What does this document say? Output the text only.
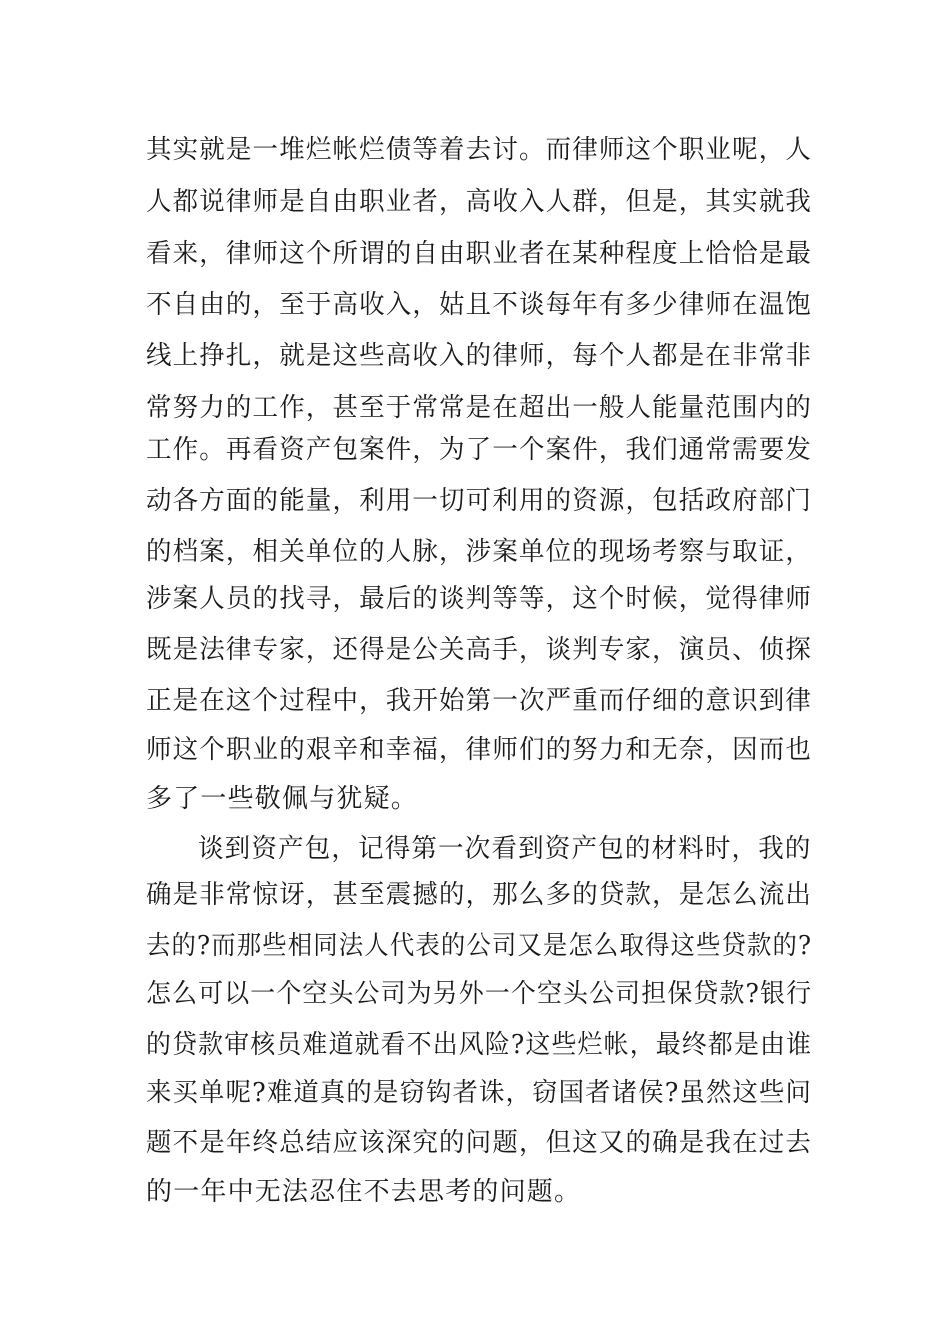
其实就是一堆烂帐烂债等着去讨。而律师这个职业呢，人
人都说律师是自由职业者，高收入人群，但是，其实就我
看来，律师这个所谓的自由职业者在某种程度上恰恰是最
不自由的，至于高收入，姑且不谈每年有多少律师在温饱
线上挣扎，就是这些高收入的律师，每个人都是在非常非
常努力的工作，甚至于常常是在超出一般人能量范围内的
工作。再看资产包案件，为了一个案件，我们通常需要发
动各方面的能量，利用一切可利用的资源，包括政府部门
的档案，相关单位的人脉，涉案单位的现场考察与取证，
涉案人员的找寻，最后的谈判等等，这个时候，觉得律师
既是法律专家，还得是公关高手，谈判专家，演员、侦探
正是在这个过程中，我开始第一次严重而仔细的意识到律
师这个职业的艰辛和幸福，律师们的努力和无奈，因而也
多了一些敬佩与犹疑。
谈到资产包，记得第一次看到资产包的材料时，我的
确是非常惊讶，甚至震撼的，那么多的贷款，是怎么流出
去的?而那些相同法人代表的公司又是怎么取得这些贷款的?
怎么可以一个空头公司为另外一个空头公司担保贷款?银行
的贷款审核员难道就看不出风险?这些烂帐，最终都是由谁
来买单呢?难道真的是窃钩者诛，窃国者诸侯?虽然这些问
题不是年终总结应该深究的问题，但这又的确是我在过去
的一年中无法忍住不去思考的问题。
